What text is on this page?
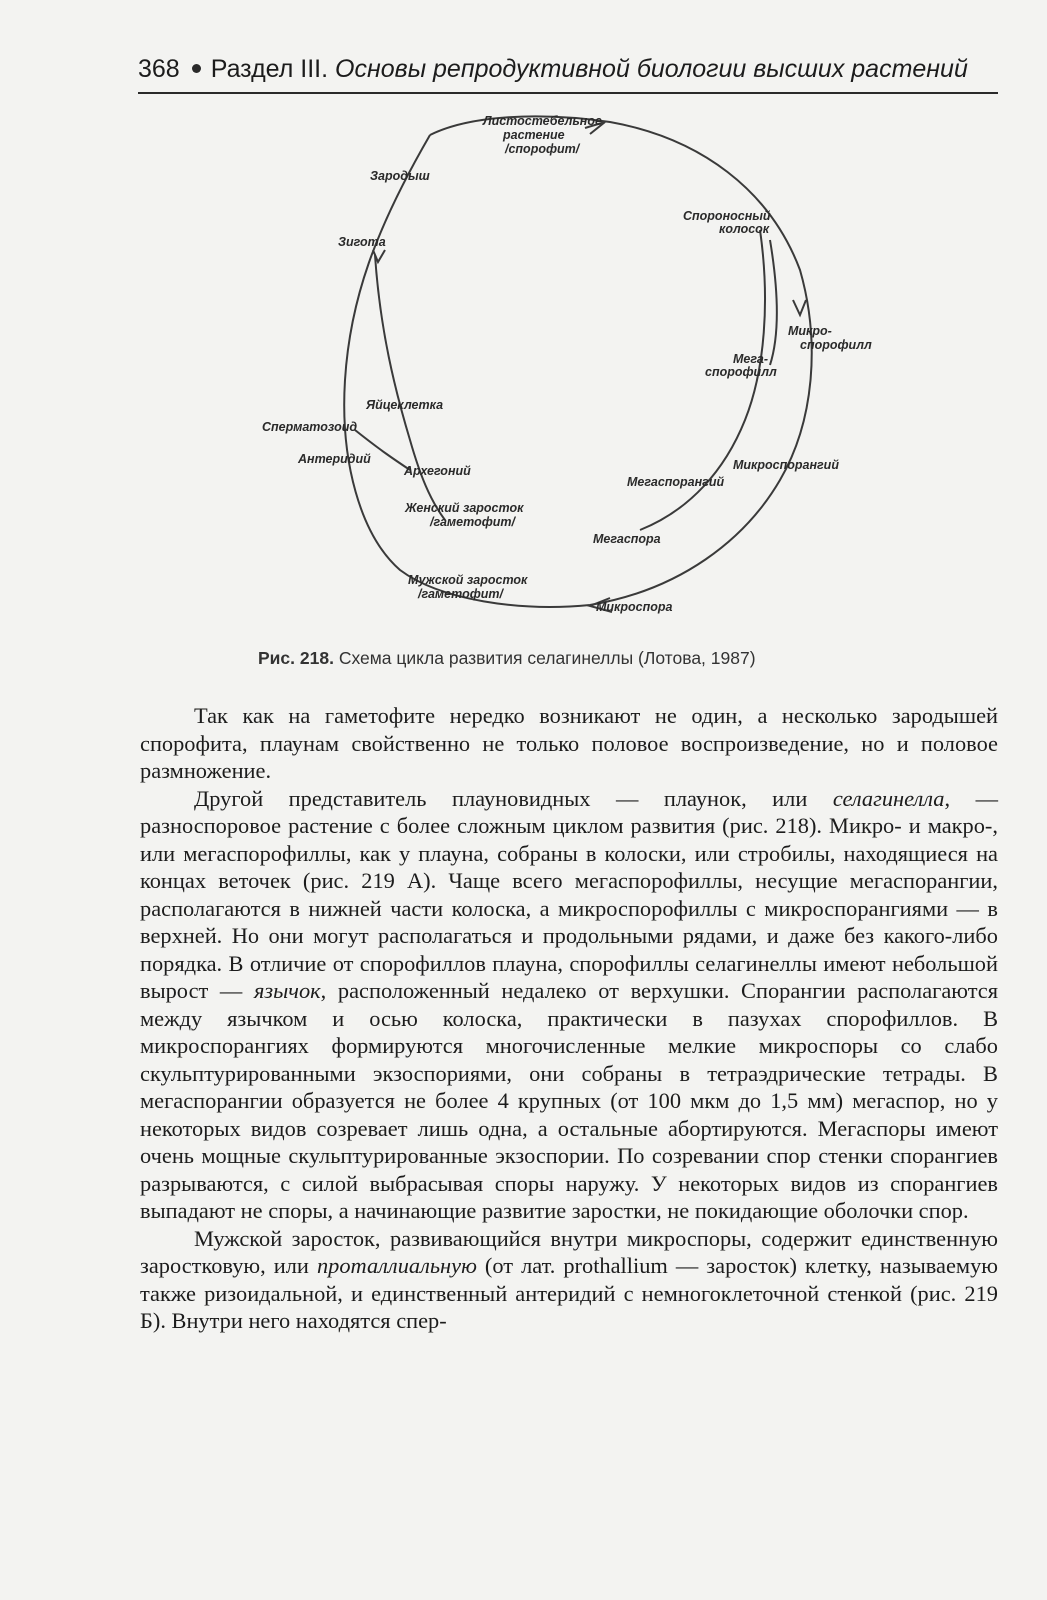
368 Раздел III. Основы репродуктивной биологии высших растений
Листостебельное
растение
/спорофит/
Зародыш
Зигота
Спороносный
колосок
Микро-
спорофилл
Мега-
спорофилл
Яйцеклетка
Сперматозоид
Антеридий
Архегоний
Мегаспорангий
Микроспорангий
Женский заросток
/гаметофит/
Мегаспора
Мужской заросток
/гаметофит/
Микроспора
Рис. 218. Схема цикла развития селагинеллы (Лотова, 1987)

Так как на гаметофите нередко возникают не один, а несколько зародышей спорофита, плаунам свойственно не только половое воспроизведение, но и половое размножение.

Другой представитель плауновидных — плаунок, или селагинелла, — разноспоровое растение с более сложным циклом развития (рис. 218). Микро- и макро-, или мегаспорофиллы, как у плауна, собраны в колоски, или стробилы, находящиеся на концах веточек (рис. 219 А). Чаще всего мегаспорофиллы, несущие мегаспорангии, располагаются в нижней части колоска, а микроспорофиллы с микроспорангиями — в верхней. Но они могут располагаться и продольными рядами, и даже без какого-либо порядка. В отличие от спорофиллов плауна, спорофиллы селагинеллы имеют небольшой вырост — язычок, расположенный недалеко от верхушки. Спорангии располагаются между язычком и осью колоска, практически в пазухах спорофиллов. В микроспорангиях формируются многочисленные мелкие микроспоры со слабо скульптурированными экзоспориями, они собраны в тетраэдрические тетрады. В мегаспорангии образуется не более 4 крупных (от 100 мкм до 1,5 мм) мегаспор, но у некоторых видов созревает лишь одна, а остальные абортируются. Мегаспоры имеют очень мощные скульптурированные экзоспории. По созревании спор стенки спорангиев разрываются, с силой выбрасывая споры наружу. У некоторых видов из спорангиев выпадают не споры, а начинающие развитие заростки, не покидающие оболочки спор.

Мужской заросток, развивающийся внутри микроспоры, содержит единственную заростковую, или проталлиальную (от лат. prothallium — заросток) клетку, называемую также ризоидальной, и единственный антеридий с немногоклеточной стенкой (рис. 219 Б). Внутри него находятся спер-
